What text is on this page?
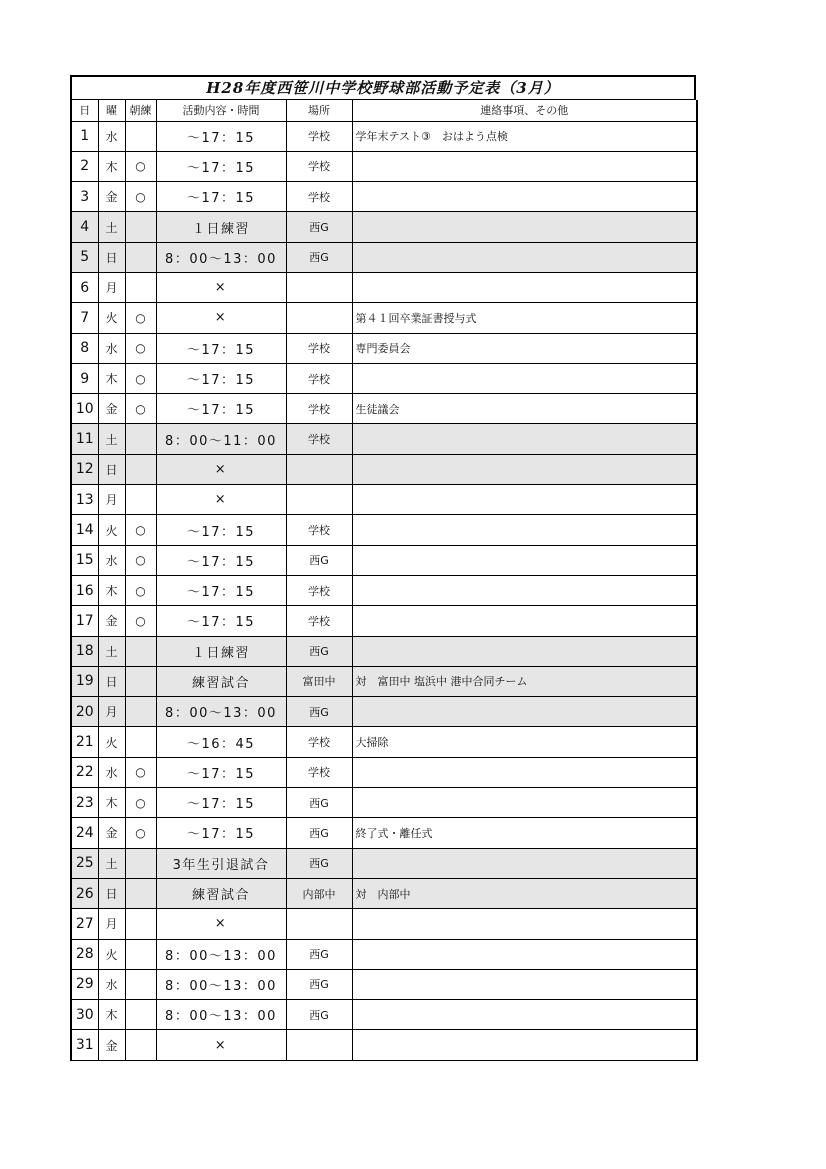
H28年度西笹川中学校野球部活動予定表（3月）
日	曜	朝練	活動内容・時間	場所	連絡事項、その他
1	水		～17：15	学校	学年末テスト③　おはよう点検
2	木	○	～17：15	学校	
3	金	○	～17：15	学校	
4	土		１日練習	西G	
5	日		8：00～13：00	西G	
6	月		×		
7	火	○	×		第４１回卒業証書授与式
8	水	○	～17：15	学校	専門委員会
9	木	○	～17：15	学校	
10	金	○	～17：15	学校	生徒議会
11	土		8：00～11：00	学校	
12	日		×		
13	月		×		
14	火	○	～17：15	学校	
15	水	○	～17：15	西G	
16	木	○	～17：15	学校	
17	金	○	～17：15	学校	
18	土		１日練習	西G	
19	日		練習試合	富田中	対　富田中 塩浜中 港中合同チーム
20	月		8：00～13：00	西G	
21	火		～16：45	学校	大掃除
22	水	○	～17：15	学校	
23	木	○	～17：15	西G	
24	金	○	～17：15	西G	終了式・離任式
25	土		3年生引退試合	西G	
26	日		練習試合	内部中	対　内部中
27	月		×		
28	火		8：00～13：00	西G	
29	水		8：00～13：00	西G	
30	木		8：00～13：00	西G	
31	金		×		
